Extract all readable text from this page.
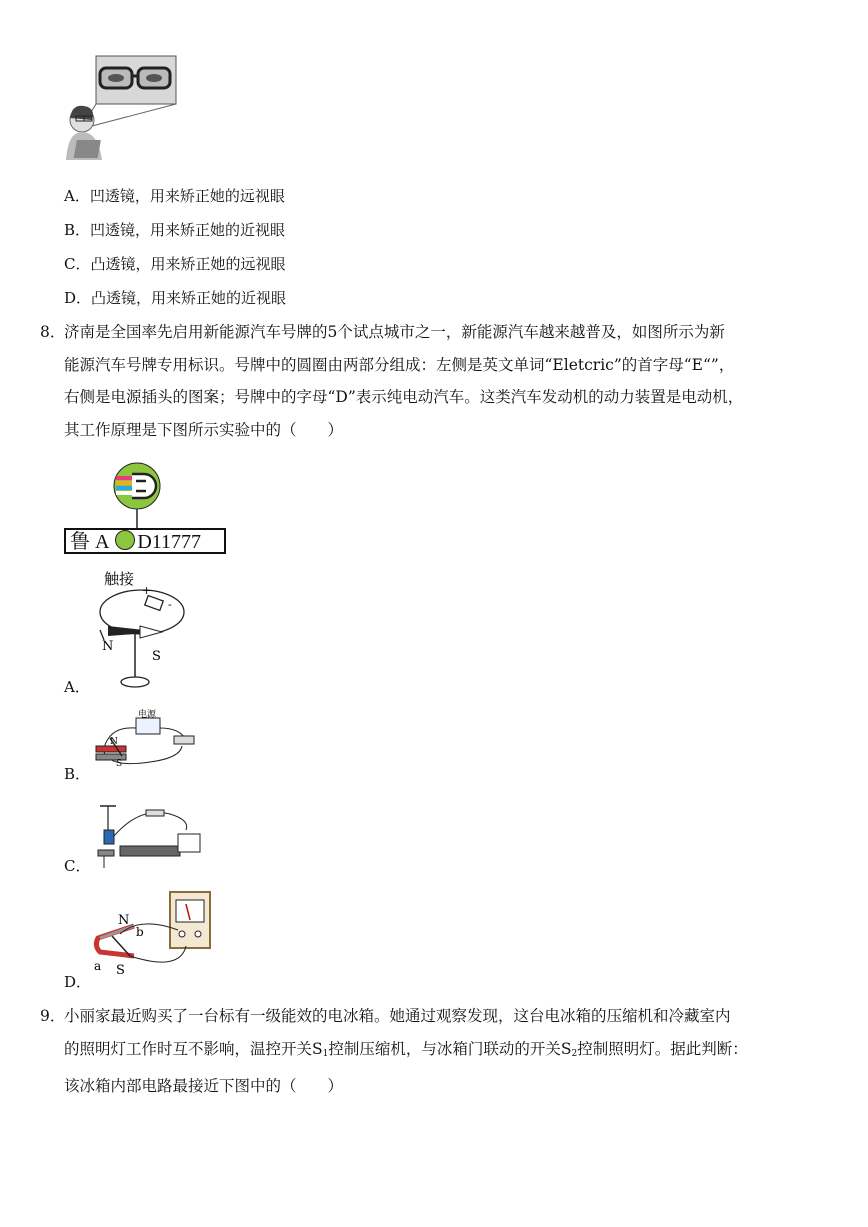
A．凹透镜，用来矫正她的远视眼
B．凹透镜，用来矫正她的近视眼
C．凸透镜，用来矫正她的远视眼
D．凸透镜，用来矫正她的近视眼
8．济南是全国率先启用新能源汽车号牌的5个试点城市之一，新能源汽车越来越普及，如图所示为新
能源汽车号牌专用标识。号牌中的圆圈由两部分组成：左侧是英文单词“Eletcric”的首字母“E“”，
右侧是电源插头的图案；号牌中的字母“D”表示纯电动汽车。这类汽车发动机的动力装置是电动机，
其工作原理是下图所示实验中的（　　）
鲁 A D11777
触接
+
-
N
S
A．
电源
N
S
B．
C．
N
b
a S
D．
9．小丽家最近购买了一台标有一级能效的电冰箱。她通过观察发现，这台电冰箱的压缩机和冷藏室内
的照明灯工作时互不影响，温控开关$S_1$控制压缩机，与冰箱门联动的开关$S_2$控制照明灯。据此判断：
该冰箱内部电路最接近下图中的（　　）
